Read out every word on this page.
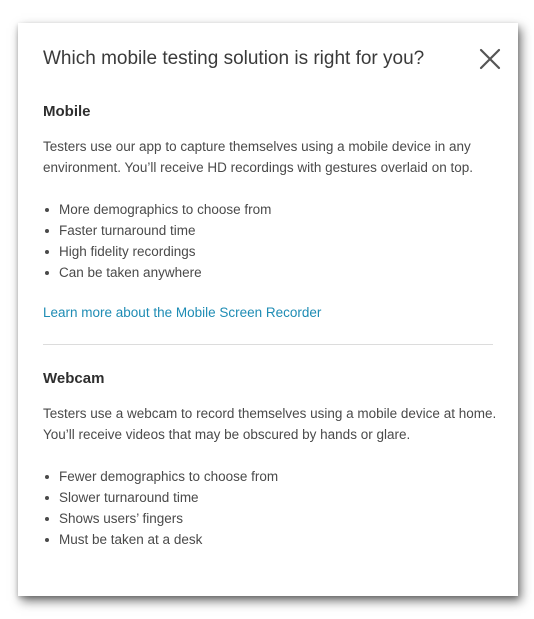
Which mobile testing solution is right for you?
Mobile

Testers use our app to capture themselves using a mobile device in any environment. You’ll receive HD recordings with gestures overlaid on top.

More demographics to choose from
Faster turnaround time
High fidelity recordings
Can be taken anywhere
Learn more about the Mobile Screen Recorder
Webcam

Testers use a webcam to record themselves using a mobile device at home. You’ll receive videos that may be obscured by hands or glare.

Fewer demographics to choose from
Slower turnaround time
Shows users’ fingers
Must be taken at a desk
